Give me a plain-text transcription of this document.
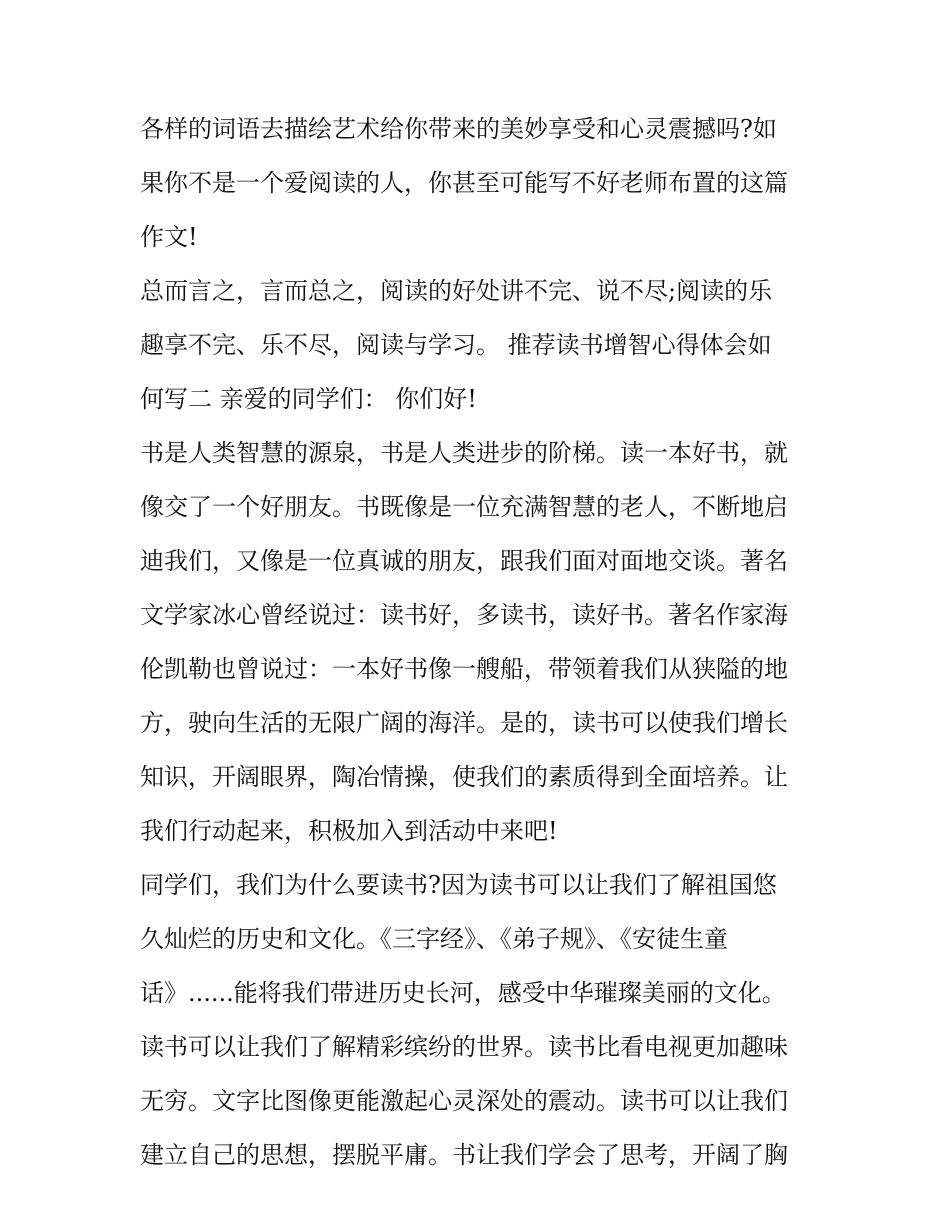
各样的词语去描绘艺术给你带来的美妙享受和心灵震撼吗?如
果你不是一个爱阅读的人，你甚至可能写不好老师布置的这篇
作文!
总而言之，言而总之，阅读的好处讲不完、说不尽;阅读的乐
趣享不完、乐不尽，阅读与学习。 推荐读书增智心得体会如
何写二 亲爱的同学们： 你们好!
书是人类智慧的源泉，书是人类进步的阶梯。读一本好书，就
像交了一个好朋友。书既像是一位充满智慧的老人，不断地启
迪我们，又像是一位真诚的朋友，跟我们面对面地交谈。著名
文学家冰心曾经说过：读书好，多读书，读好书。著名作家海
伦凯勒也曾说过：一本好书像一艘船，带领着我们从狭隘的地
方，驶向生活的无限广阔的海洋。是的，读书可以使我们增长
知识，开阔眼界，陶冶情操，使我们的素质得到全面培养。让
我们行动起来，积极加入到活动中来吧!
同学们，我们为什么要读书?因为读书可以让我们了解祖国悠
久灿烂的历史和文化。《三字经》、《弟子规》、《安徒生童
话》......能将我们带进历史长河，感受中华璀璨美丽的文化。
读书可以让我们了解精彩缤纷的世界。读书比看电视更加趣味
无穷。文字比图像更能激起心灵深处的震动。读书可以让我们
建立自己的思想，摆脱平庸。书让我们学会了思考，开阔了胸
